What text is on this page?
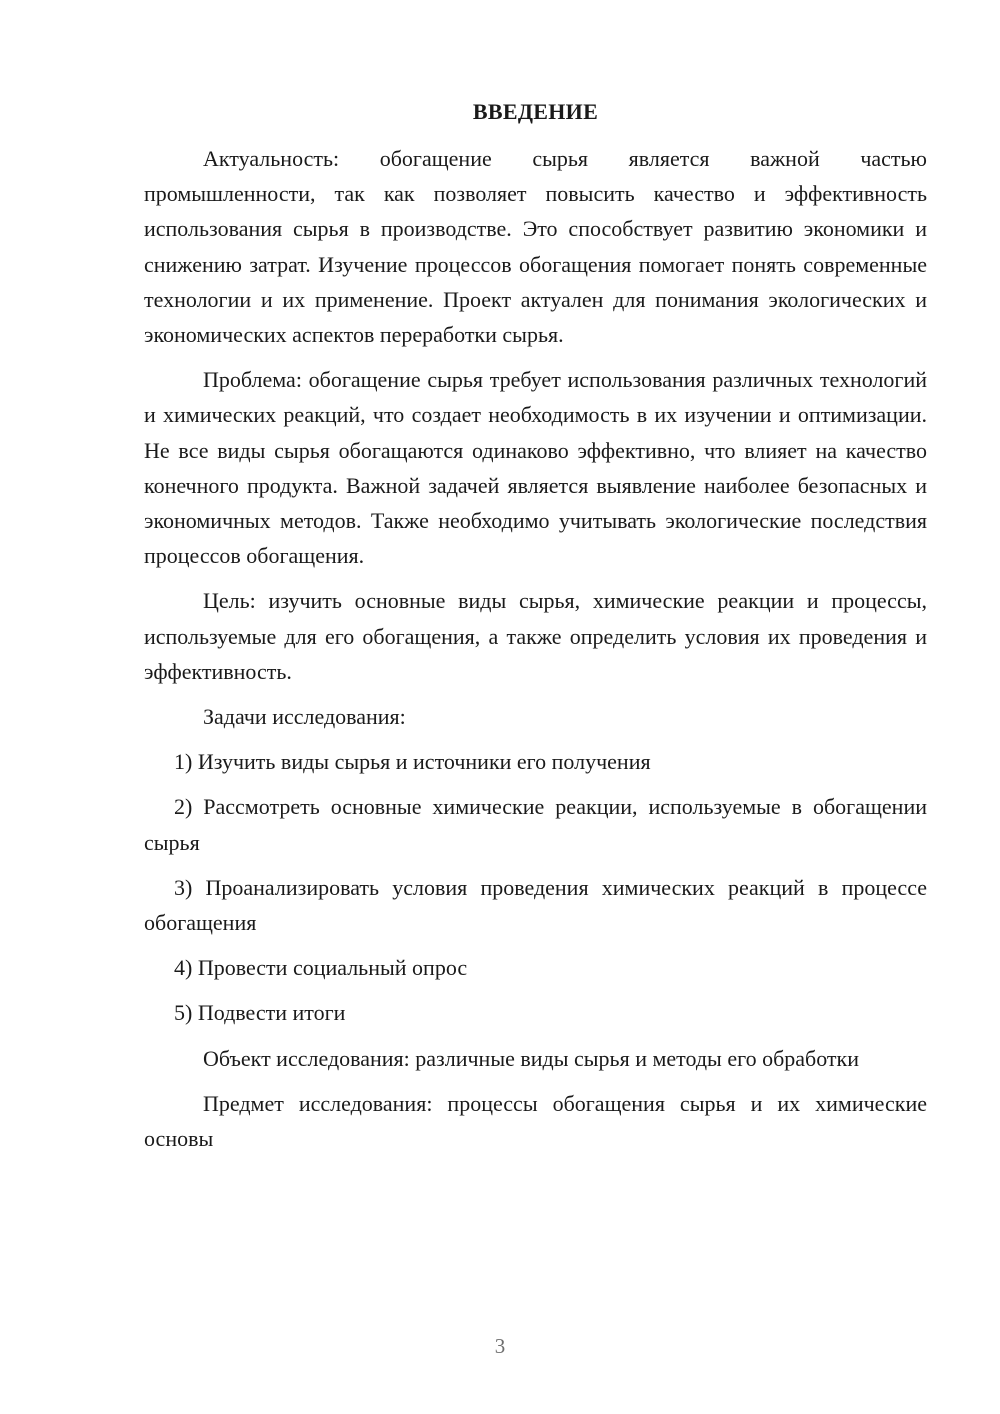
ВВЕДЕНИЕ

Актуальность: обогащение сырья является важной частью промышленности, так как позволяет повысить качество и эффективность использования сырья в производстве. Это способствует развитию экономики и снижению затрат. Изучение процессов обогащения помогает понять современные технологии и их применение. Проект актуален для понимания экологических и экономических аспектов переработки сырья.

Проблема: обогащение сырья требует использования различных технологий и химических реакций, что создает необходимость в их изучении и оптимизации. Не все виды сырья обогащаются одинаково эффективно, что влияет на качество конечного продукта. Важной задачей является выявление наиболее безопасных и экономичных методов. Также необходимо учитывать экологические последствия процессов обогащения.

Цель: изучить основные виды сырья, химические реакции и процессы, используемые для его обогащения, а также определить условия их проведения и эффективность.

Задачи исследования:

1) Изучить виды сырья и источники его получения

2) Рассмотреть основные химические реакции, используемые в обогащении сырья

3) Проанализировать условия проведения химических реакций в процессе обогащения

4) Провести социальный опрос

5) Подвести итоги

Объект исследования: различные виды сырья и методы его обработки

Предмет исследования: процессы обогащения сырья и их химические основы

3
